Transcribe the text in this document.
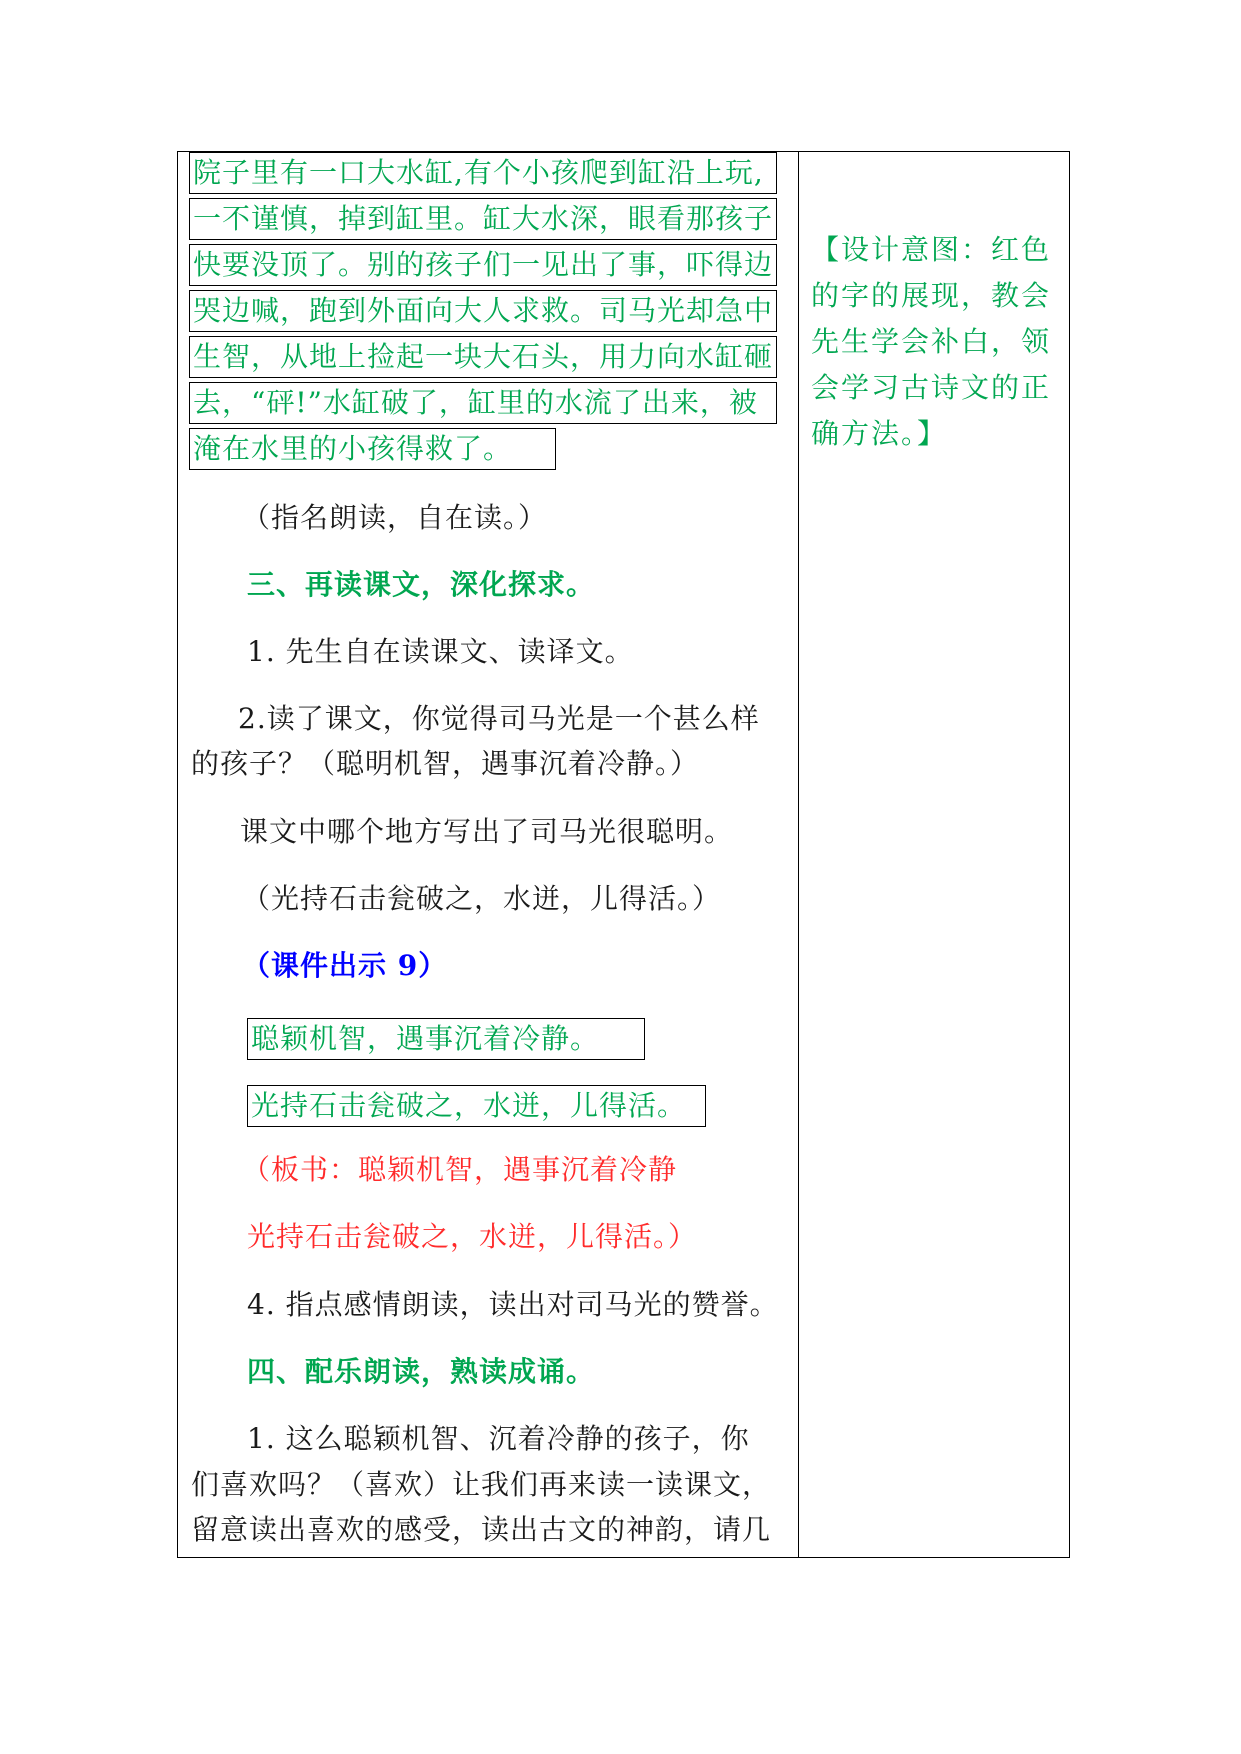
院子里有一口大水缸,有个小孩爬到缸沿上玩,
一不谨慎，掉到缸里。缸大水深，眼看那孩子
快要没顶了。别的孩子们一见出了事，吓得边
哭边喊，跑到外面向大人求救。司马光却急中
生智，从地上捡起一块大石头，用力向水缸砸
去，“砰!”水缸破了，缸里的水流了出来，被
淹在水里的小孩得救了。
（指名朗读，自在读。）
三、再读课文，深化探求。
1. 先生自在读课文、读译文。
2.读了课文，你觉得司马光是一个甚么样
的孩子？（聪明机智，遇事沉着冷静。）
课文中哪个地方写出了司马光很聪明。
（光持石击瓮破之，水迸，儿得活。）
（课件出示 9）
聪颖机智，遇事沉着冷静。
光持石击瓮破之，水迸，儿得活。
（板书：聪颖机智，遇事沉着冷静
光持石击瓮破之，水迸，儿得活。）
4. 指点感情朗读，读出对司马光的赞誉。
四、配乐朗读，熟读成诵。
1. 这么聪颖机智、沉着冷静的孩子，你
们喜欢吗？（喜欢）让我们再来读一读课文，
留意读出喜欢的感受，读出古文的神韵，请几
【设计意图：红色的字的展现，教会先生学会补白，领会学习古诗文的正确方法。】
